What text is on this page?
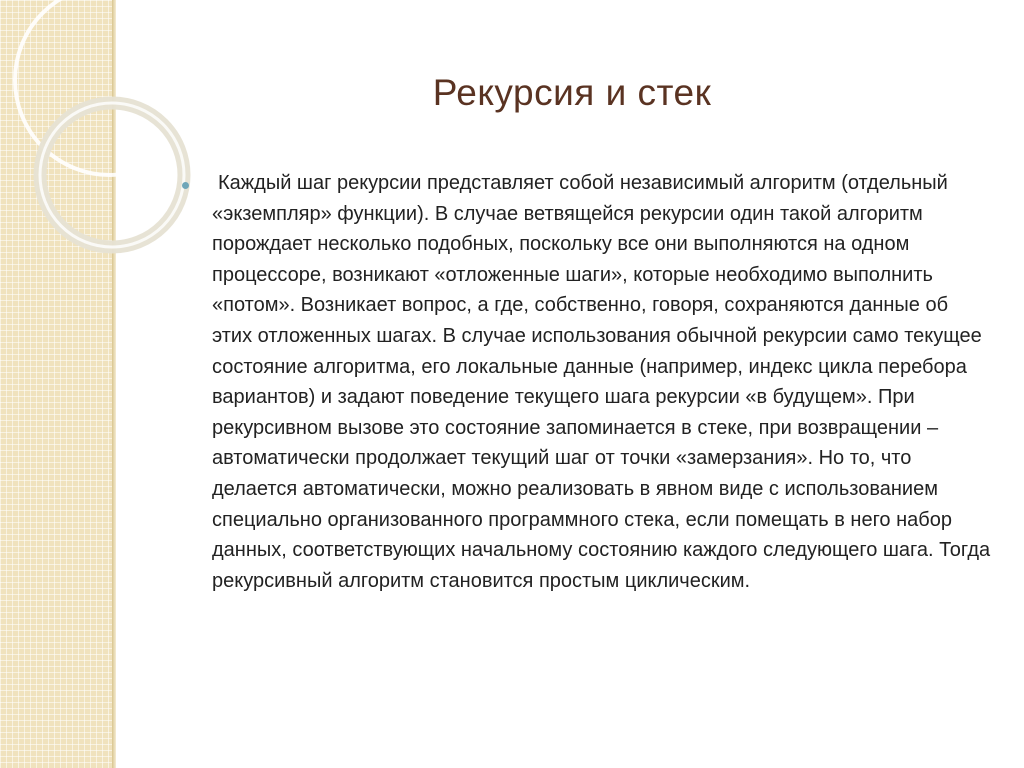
Рекурсия и стек

Каждый шаг рекурсии представляет собой независимый алгоритм (отдельный «экземпляр» функции). В случае ветвящейся рекурсии один такой алгоритм порождает несколько подобных, поскольку все они выполняются на одном процессоре, возникают «отложенные шаги», которые необходимо выполнить «потом». Возникает вопрос, а где, собственно, говоря, сохраняются данные об этих отложенных шагах. В случае использования обычной рекурсии само текущее состояние алгоритма, его локальные данные (например, индекс цикла перебора вариантов) и задают поведение текущего шага рекурсии «в будущем». При рекурсивном вызове это состояние запоминается в стеке, при возвращении – автоматически продолжает текущий шаг от точки «замерзания». Но то, что делается автоматически, можно реализовать в явном виде с использованием специально организованного программного стека, если помещать в него набор данных, соответствующих начальному состоянию каждого следующего шага. Тогда рекурсивный алгоритм становится простым циклическим.
